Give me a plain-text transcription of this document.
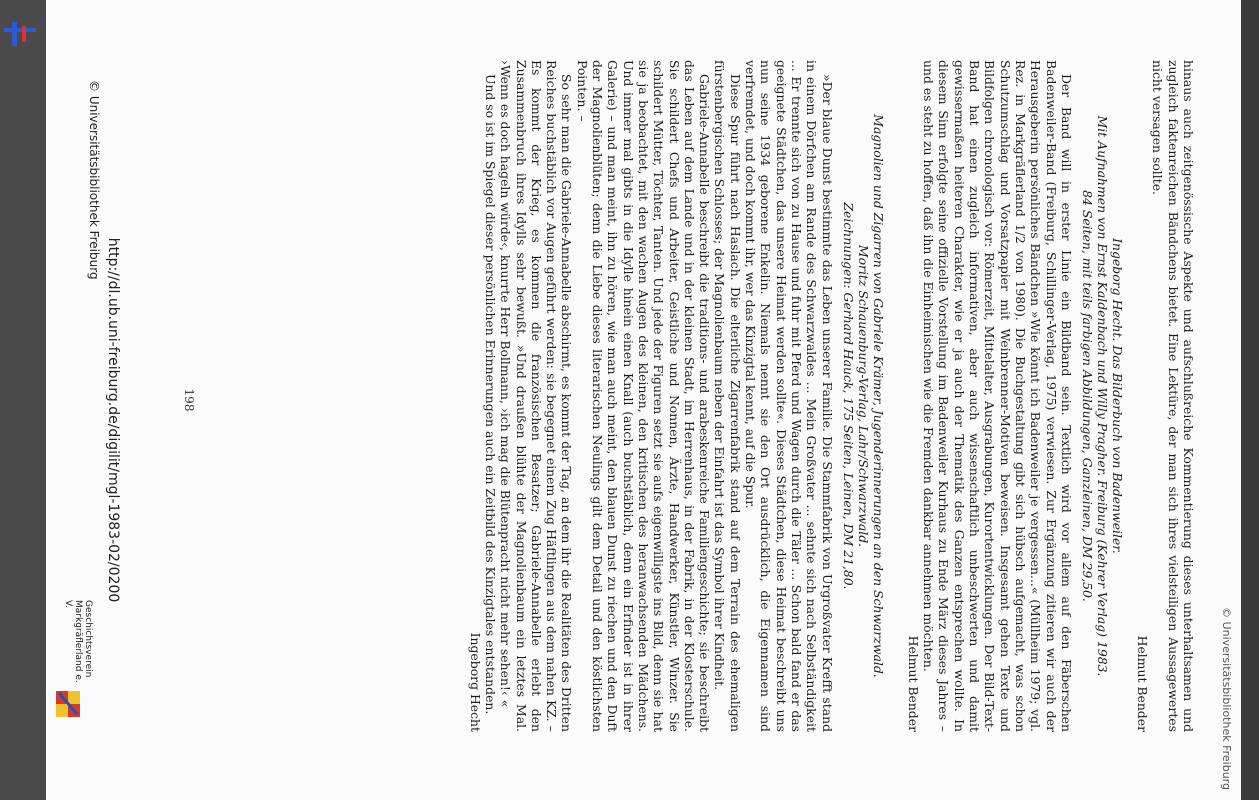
© Universitätsbibliothek Freiburg

hinaus auch zeitgenössische Aspekte und aufschlußreiche Kommentierung dieses unterhaltsamen und zugleich faktenreichen Bändchens bietet. Eine Lektüre, der man sich ihres vielsteiligen Aussagewertes nicht versagen sollte.

Helmut Bender

Ingeborg Hecht. Das Bilderbuch von Badenweiler.
Mit Aufnahmen von Ernst Kaldenbach und Willy Pragher. Freiburg (Kehrer Verlag) 1983.
84 Seiten, mit teils farbigen Abbildungen, Ganzleinen, DM 29,50.

Der Band will in erster Linie ein Bildband sein. Textlich wird vor allem auf den Fäberschen Badenweiler-Band (Freiburg, Schillinger-Verlag, 1975) verwiesen. Zur Ergänzung zitieren wir auch der Herausgeberin persönliches Bändchen »Wie könnt ich Badenweiler je vergessen...« (Müllheim 1979; vgl. Rez. in Markgräflerland 1/2 von 1980). Die Buchgestaltung gibt sich hübsch aufgemacht, was schon Schutzumschlag und Vorsatzpapier mit Weinbrenner-Motiven beweisen. Insgesamt gehen Texte und Bildfolgen chronologisch vor: Römerzeit, Mittelalter, Ausgrabungen, Kurortentwicklungen. Der Bild-Text-Band hat einen zugleich informativen, aber auch wissenschaftlich unbeschwerten und damit gewissermaßen heiteren Charakter, wie er ja auch der Thematik des Ganzen entsprechen wollte. In diesem Sinn erfolgte seine offizielle Vorstellung im Badenweiler Kurhaus zu Ende März dieses Jahres – und es steht zu hoffen, daß ihn die Einheimischen wie die Fremden dankbar annehmen möchten.

Helmut Bender

Magnolien und Zigarren von Gabriele Krämer, Jugenderinnerungen an den Schwarzwald.
Moritz Schauenburg-Verlag, Lahr/Schwarzwald.
Zeichnungen: Gerhard Hauck, 175 Seiten, Leinen, DM 21,80.

»Der blaue Dunst bestimmte das Leben unserer Familie. Die Stammfabrik von Urgroßvater Krefft stand in einem Dörfchen am Rande des Schwarzwaldes ... Mein Großvater ... sehnte sich nach Selbständigkeit ... Er trennte sich von zu Hause und fuhr mit Pferd und Wagen durch die Täler ... Schon bald fand er das geeignete Städtchen, das unsere Heimat werden sollte«. Dieses Städtchen, diese Heimat beschreibt uns nun seine 1934 geborene Enkelin. Niemals nennt sie den Ort ausdrücklich, die Eigennamen sind verfremdet, und doch kommt ihr, wer das Kinzigtal kennt, auf die Spur.

Diese Spur führt nach Haslach. Die elterliche Zigarrenfabrik stand auf dem Terrain des ehemaligen fürstenbergischen Schlosses; der Magnolienbaum neben der Einfahrt ist das Symbol ihrer Kindheit.

Gabriele-Annabelle beschreibt die traditions- und arabeskenreiche Familiengeschichte; sie beschreibt das Leben auf dem Lande und in der kleinen Stadt, im Herrenhaus, in der Fabrik, in der Klosterschule. Sie schildert Chefs und Arbeiter, Geistliche und Nonnen, Ärzte, Handwerker, Künstler, Winzer. Sie schildert Mütter, Töchter, Tanten. Und jede der Figuren setzt sie aufs eigenwilligste ins Bild, denn sie hat sie ja beobachtet, mit den wachen Augen des kleinen, den kritischen des heranwachsenden Mädchens. Und immer mal gibts in die Idylle hinein einen Knall (auch buchstäblich, denn ein Erfinder ist in ihrer Galerie) – und man meint, ihn zu hören, wie man auch meint, den blauen Dunst zu riechen und den Duft der Magnolienblüten; denn die Liebe dieses literarischen Neulings gilt dem Detail und den köstlichsten Pointen. –

So sehr man die Gabriele-Annabelle abschirmt, es kommt der Tag, an dem ihr die Realitäten des Dritten Reiches buchstäblich vor Augen geführt werden: sie begegnet einem Zug Häftlingen aus dem nahen KZ. – Es kommt der Krieg, es kommen die französischen Besatzer; Gabriele-Annabelle erlebt den Zusammenbruch ihres Idylls sehr bewußt. »Und draußen blühte der Magnolienbaum ein letztes Mal. ›Wenn es doch hageln würde‹, knurrte Herr Bollmann, ›ich mag die Blütenpracht nicht mehr sehen!‹ «

Und so ist im Spiegel dieser persönlichen Erinnerungen auch ein Zeitbild des Kinzigtales entstanden.

Ingeborg Hecht

198
http://dl.ub.uni-freiburg.de/digilit/mgl-1983-02/0200
© Universitätsbibliothek Freiburg
Geschichtsverein Markgräflerland e. V.
